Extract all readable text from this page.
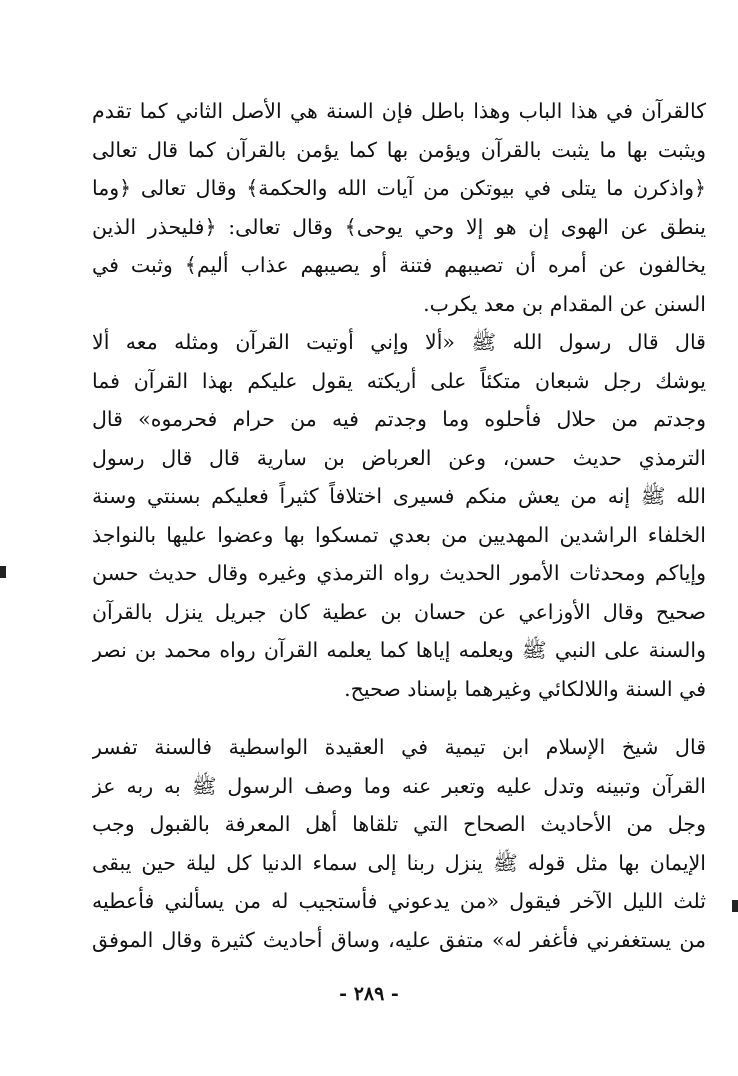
كالقرآن في هذا الباب وهذا باطل فإن السنة هي الأصل الثاني كما تقدم
ويثبت بها ما يثبت بالقرآن ويؤمن بها كما يؤمن بالقرآن كما قال تعالى
﴿واذكرن ما يتلى في بيوتكن من آيات الله والحكمة﴾ وقال تعالى ﴿وما
ينطق عن الهوى إن هو إلا وحي يوحى﴾ وقال تعالى: ﴿فليحذر الذين
يخالفون عن أمره أن تصيبهم فتنة أو يصيبهم عذاب أليم﴾ وثبت في
السنن عن المقدام بن معد يكرب.
قال قال رسول الله ﷺ «ألا وإني أوتيت القرآن ومثله معه ألا
يوشك رجل شبعان متكئاً على أريكته يقول عليكم بهذا القرآن فما
وجدتم من حلال فأحلوه وما وجدتم فيه من حرام فحرموه» قال
الترمذي حديث حسن، وعن العرباض بن سارية قال قال رسول
الله ﷺ إنه من يعش منكم فسيرى اختلافاً كثيراً فعليكم بسنتي وسنة
الخلفاء الراشدين المهديين من بعدي تمسكوا بها وعضوا عليها بالنواجذ
وإياكم ومحدثات الأمور الحديث رواه الترمذي وغيره وقال حديث حسن
صحيح وقال الأوزاعي عن حسان بن عطية كان جبريل ينزل بالقرآن
والسنة على النبي ﷺ ويعلمه إياها كما يعلمه القرآن رواه محمد بن نصر
في السنة واللالكائي وغيرهما بإسناد صحيح.
قال شيخ الإسلام ابن تيمية في العقيدة الواسطية فالسنة تفسر
القرآن وتبينه وتدل عليه وتعبر عنه وما وصف الرسول ﷺ به ربه عز
وجل من الأحاديث الصحاح التي تلقاها أهل المعرفة بالقبول وجب
الإيمان بها مثل قوله ﷺ ينزل ربنا إلى سماء الدنيا كل ليلة حين يبقى
ثلث الليل الآخر فيقول «من يدعوني فأستجيب له من يسألني فأعطيه
من يستغفرني فأغفر له» متفق عليه، وساق أحاديث كثيرة وقال الموفق
- ٢٨٩ -
